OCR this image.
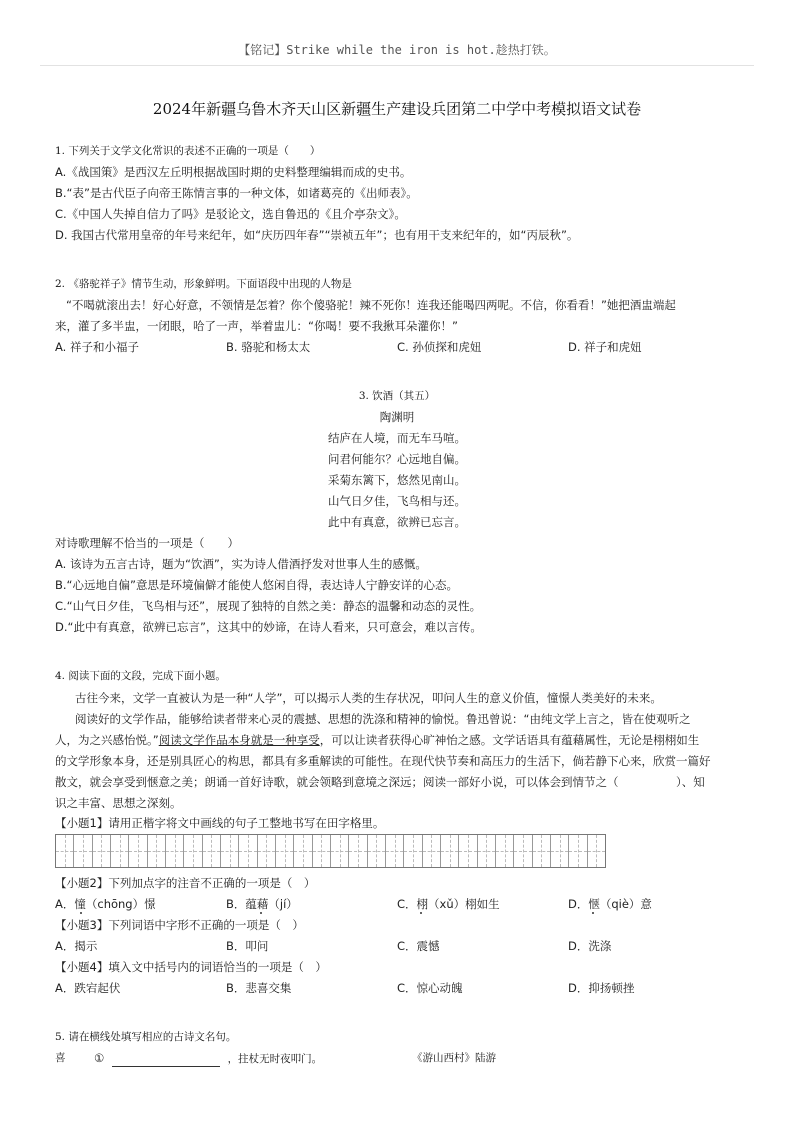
【铭记】Strike while the iron is hot.趁热打铁。
2024年新疆乌鲁木齐天山区新疆生产建设兵团第二中学中考模拟语文试卷
1. 下列关于文学文化常识的表述不正确的一项是（　　）
A.《战国策》是西汉左丘明根据战国时期的史料整理编辑而成的史书。
B.“表”是古代臣子向帝王陈情言事的一种文体，如诸葛亮的《出师表》。
C.《中国人失掉自信力了吗》是驳论文，选自鲁迅的《且介亭杂文》。
D. 我国古代常用皇帝的年号来纪年，如“庆历四年春”“崇祯五年”；也有用干支来纪年的，如“丙辰秋”。
2. 《骆驼祥子》情节生动，形象鲜明。下面语段中出现的人物是
“不喝就滚出去！好心好意，不领情是怎着？你个傻骆驼！辣不死你！连我还能喝四两呢。不信，你看看！”她把酒盅端起
来，灌了多半盅，一闭眼，哈了一声，举着盅儿：“你喝！要不我揪耳朵灌你！”
A. 祥子和小福子	B. 骆驼和杨太太	C. 孙侦探和虎妞	D. 祥子和虎妞
3. 饮酒（其五）
陶渊明
结庐在人境，而无车马喧。
问君何能尔？心远地自偏。
采菊东篱下，悠然见南山。
山气日夕佳，飞鸟相与还。
此中有真意，欲辨已忘言。
对诗歌理解不恰当的一项是（　　）
A. 该诗为五言古诗，题为“饮酒”，实为诗人借酒抒发对世事人生的感慨。
B.“心远地自偏”意思是环境偏僻才能使人悠闲自得，表达诗人宁静安详的心态。
C.“山气日夕佳，飞鸟相与还”，展现了独特的自然之美：静态的温馨和动态的灵性。
D.“此中有真意，欲辨已忘言”，这其中的妙谛，在诗人看来，只可意会，难以言传。
4. 阅读下面的文段，完成下面小题。
古往今来，文学一直被认为是一种“人学”，可以揭示人类的生存状况，叩问人生的意义价值，憧憬人类美好的未来。
阅读好的文学作品，能够给读者带来心灵的震撼、思想的洗涤和精神的愉悦。鲁迅曾说：“由纯文学上言之，皆在使观听之
人，为之兴感怡悦。”阅读文学作品本身就是一种享受，可以让读者获得心旷神怡之感。文学话语具有蕴藉属性，无论是栩栩如生
的文学形象本身，还是别具匠心的构思，都具有多重解读的可能性。在现代快节奏和高压力的生活下，倘若静下心来，欣赏一篇好
散文，就会享受到惬意之美；朗诵一首好诗歌，就会领略到意境之深远；阅读一部好小说，可以体会到情节之（　　　　　）、知
识之丰富、思想之深刻。
【小题1】请用正楷字将文中画线的句子工整地书写在田字格里。
【小题2】下列加点字的注音不正确的一项是（　）
A．憧（chōng）憬	B．蕴藉（jí）	C．栩（xǔ）栩如生	D．惬（qiè）意
【小题3】下列词语中字形不正确的一项是（　）
A．揭示	B．叩问	C．震憾	D．洗涤
【小题4】填入文中括号内的词语恰当的一项是（　）
A．跌宕起伏	B．悲喜交集	C．惊心动魄	D．抑扬顿挫
5. 请在横线处填写相应的古诗文名句。
喜 ①	，拄杖无时夜叩门。	《游山西村》陆游
